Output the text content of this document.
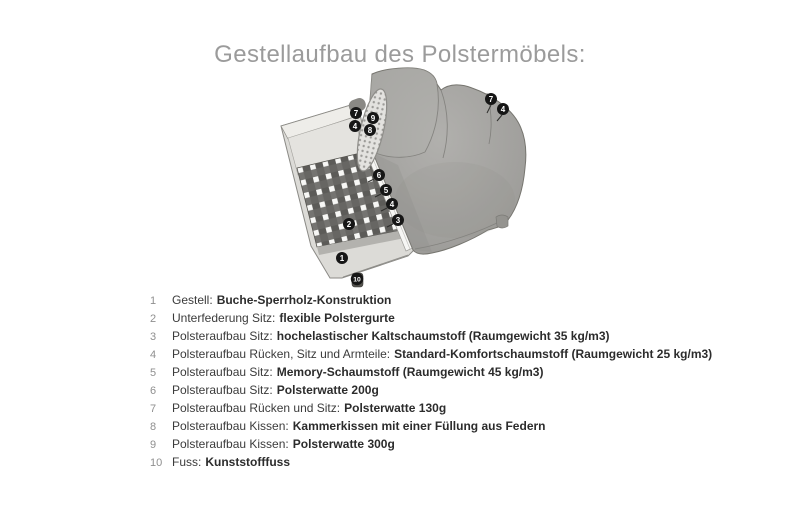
Gestellaufbau des Polstermöbels:
7
9
4 8
7
4
6
5
4
3
2
1
10
1 Gestell: Buche-Sperrholz-Konstruktion
2 Unterfederung Sitz: flexible Polstergurte
3 Polsteraufbau Sitz: hochelastischer Kaltschaumstoff (Raumgewicht 35 kg/m3)
4 Polsteraufbau Rücken, Sitz und Armteile: Standard-Komfortschaumstoff (Raumgewicht 25 kg/m3)
5 Polsteraufbau Sitz: Memory-Schaumstoff (Raumgewicht 45 kg/m3)
6 Polsteraufbau Sitz: Polsterwatte 200g
7 Polsteraufbau Rücken und Sitz: Polsterwatte 130g
8 Polsteraufbau Kissen: Kammerkissen mit einer Füllung aus Federn
9 Polsteraufbau Kissen: Polsterwatte 300g
10 Fuss: Kunststofffuss
